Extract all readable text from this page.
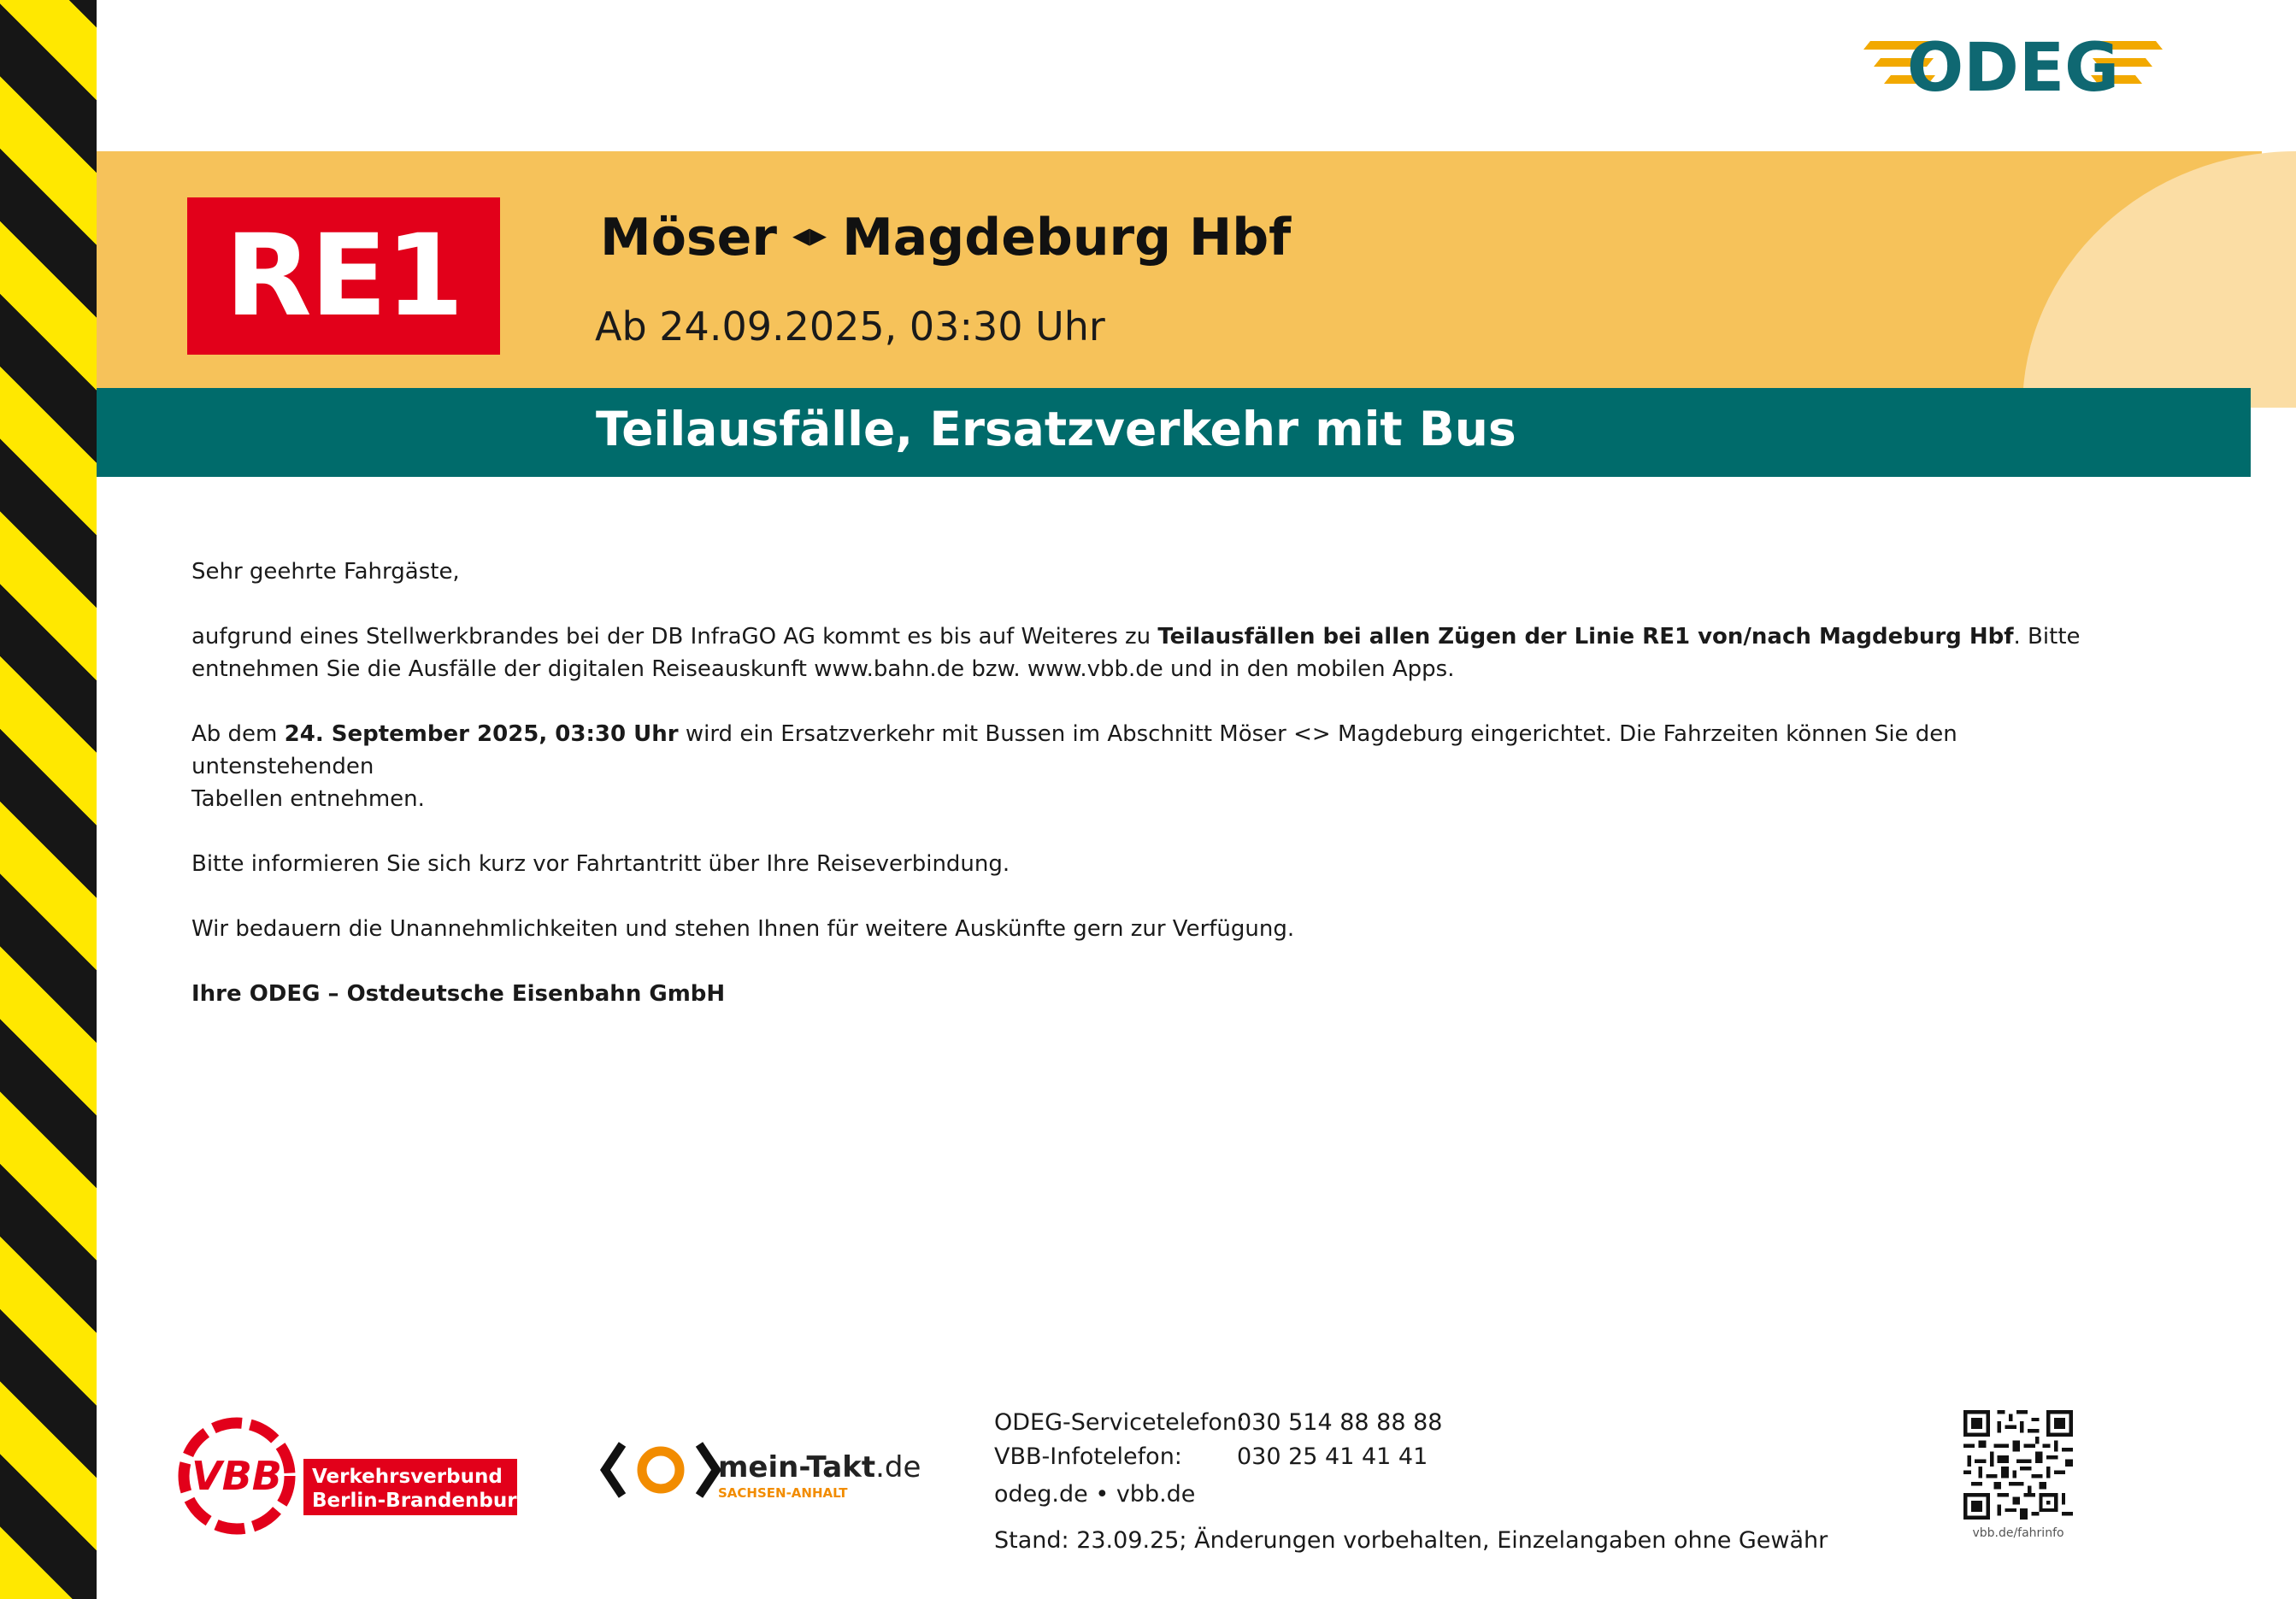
ODEG
RE1	Möser ◂▸ Magdeburg Hbf
Ab 24.09.2025, 03:30 Uhr
Teilausfälle, Ersatzverkehr mit Bus

Sehr geehrte Fahrgäste,

aufgrund eines Stellwerkbrandes bei der DB InfraGO AG kommt es bis auf Weiteres zu Teilausfällen bei allen Zügen der Linie RE1 von/nach Magdeburg Hbf. Bitte
entnehmen Sie die Ausfälle der digitalen Reiseauskunft www.bahn.de bzw. www.vbb.de und in den mobilen Apps.

Ab dem 24. September 2025, 03:30 Uhr wird ein Ersatzverkehr mit Bussen im Abschnitt Möser <> Magdeburg eingerichtet. Die Fahrzeiten können Sie den untenstehenden
Tabellen entnehmen.

Bitte informieren Sie sich kurz vor Fahrtantritt über Ihre Reiseverbindung.

Wir bedauern die Unannehmlichkeiten und stehen Ihnen für weitere Auskünfte gern zur Verfügung.

Ihre ODEG – Ostdeutsche Eisenbahn GmbH

VBB Verkehrsverbund
Berlin-Brandenburg
mein-Takt.de
SACHSEN-ANHALT
ODEG-Servicetelefon:
030 514 88 88 88
VBB-Infotelefon:	030 25 41 41 41
odeg.de • vbb.de
Stand: 23.09.25; Änderungen vorbehalten, Einzelangaben ohne Gewähr	vbb.de/fahrinfo
